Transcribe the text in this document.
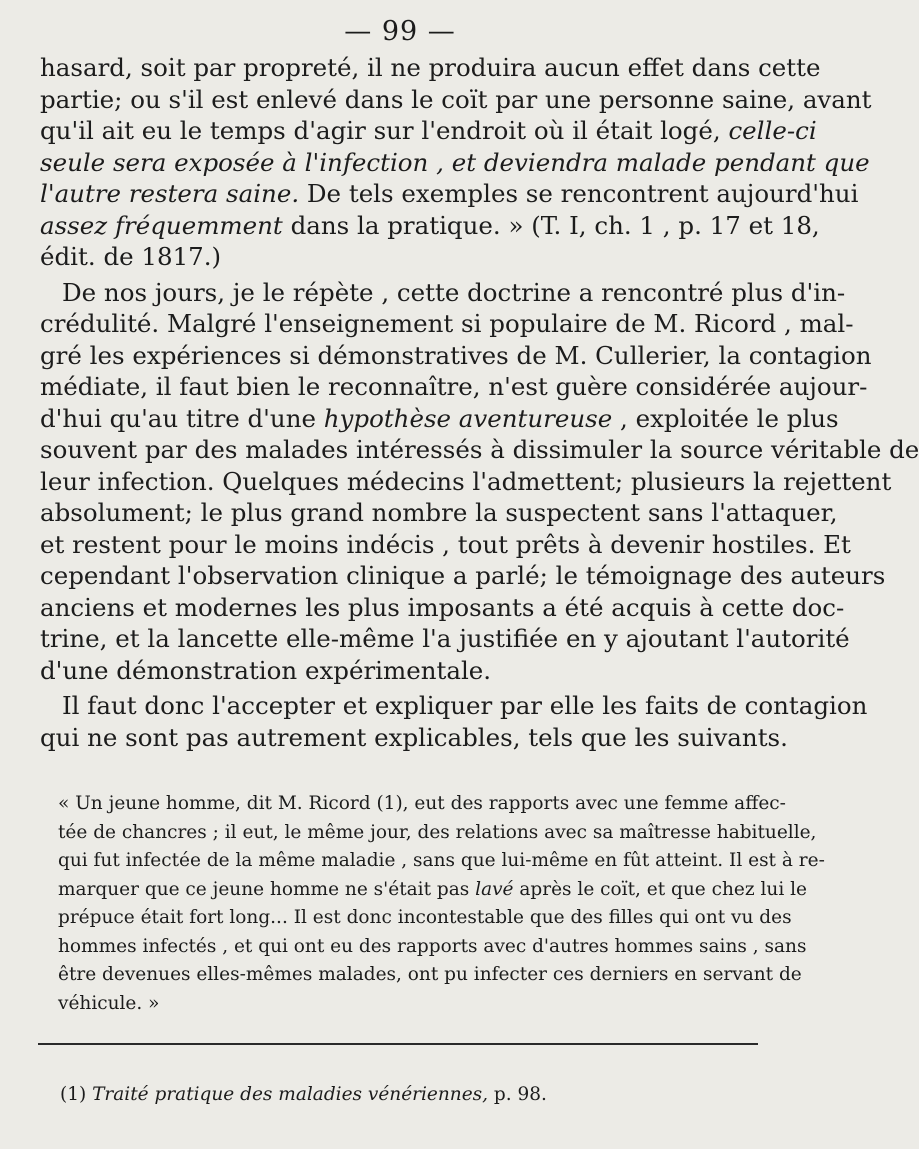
— 99 —
hasard, soit par propreté, il ne produira aucun effet dans cette
partie; ou s'il est enlevé dans le coït par une personne saine, avant
qu'il ait eu le temps d'agir sur l'endroit où il était logé, celle-ci
seule sera exposée à l'infection , et deviendra malade pendant que
l'autre restera saine. De tels exemples se rencontrent aujourd'hui
assez fréquemment dans la pratique. » (T. I, ch. 1 , p. 17 et 18,
édit. de 1817.)
De nos jours, je le répète , cette doctrine a rencontré plus d'in-
crédulité. Malgré l'enseignement si populaire de M. Ricord , mal-
gré les expériences si démonstratives de M. Cullerier, la contagion
médiate, il faut bien le reconnaître, n'est guère considérée aujour-
d'hui qu'au titre d'une hypothèse aventureuse , exploitée le plus
souvent par des malades intéressés à dissimuler la source véritable de
leur infection. Quelques médecins l'admettent; plusieurs la rejettent
absolument; le plus grand nombre la suspectent sans l'attaquer,
et restent pour le moins indécis , tout prêts à devenir hostiles. Et
cependant l'observation clinique a parlé; le témoignage des auteurs
anciens et modernes les plus imposants a été acquis à cette doc-
trine, et la lancette elle-même l'a justifiée en y ajoutant l'autorité
d'une démonstration expérimentale.
Il faut donc l'accepter et expliquer par elle les faits de contagion
qui ne sont pas autrement explicables, tels que les suivants.
« Un jeune homme, dit M. Ricord (1), eut des rapports avec une femme affec-
tée de chancres ; il eut, le même jour, des relations avec sa maîtresse habituelle,
qui fut infectée de la même maladie , sans que lui-même en fût atteint. Il est à re-
marquer que ce jeune homme ne s'était pas lavé après le coït, et que chez lui le
prépuce était fort long... Il est donc incontestable que des filles qui ont vu des
hommes infectés , et qui ont eu des rapports avec d'autres hommes sains , sans
être devenues elles-mêmes malades, ont pu infecter ces derniers en servant de
véhicule. »
(1) Traité pratique des maladies vénériennes, p. 98.
